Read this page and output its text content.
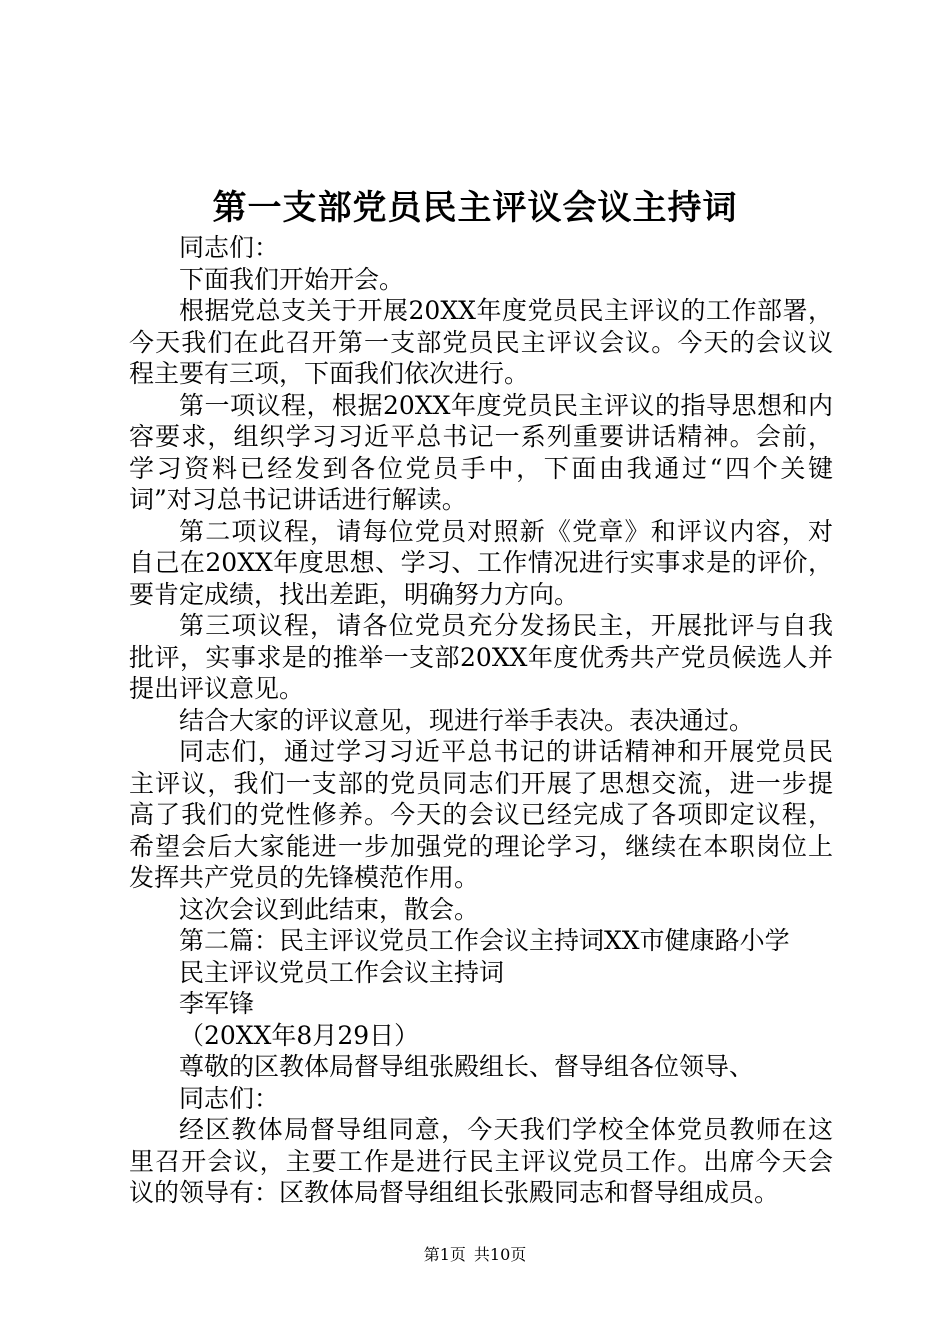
第一支部党员民主评议会议主持词
同志们：
下面我们开始开会。
根据党总支关于开展20XX年度党员民主评议的工作部署，
今天我们在此召开第一支部党员民主评议会议。今天的会议议
程主要有三项，下面我们依次进行。
第一项议程，根据20XX年度党员民主评议的指导思想和内
容要求，组织学习习近平总书记一系列重要讲话精神。会前，
学习资料已经发到各位党员手中，下面由我通过“四个关键
词”对习总书记讲话进行解读。
第二项议程，请每位党员对照新《党章》和评议内容，对
自己在20XX年度思想、学习、工作情况进行实事求是的评价，
要肯定成绩，找出差距，明确努力方向。
第三项议程，请各位党员充分发扬民主，开展批评与自我
批评，实事求是的推举一支部20XX年度优秀共产党员候选人并
提出评议意见。
结合大家的评议意见，现进行举手表决。表决通过。
同志们，通过学习习近平总书记的讲话精神和开展党员民
主评议，我们一支部的党员同志们开展了思想交流，进一步提
高了我们的党性修养。今天的会议已经完成了各项即定议程，
希望会后大家能进一步加强党的理论学习，继续在本职岗位上
发挥共产党员的先锋模范作用。
这次会议到此结束，散会。
第二篇：民主评议党员工作会议主持词XX市健康路小学
民主评议党员工作会议主持词
李军锋
（20XX年8月29日）
尊敬的区教体局督导组张殿组长、督导组各位领导、
同志们：
经区教体局督导组同意，今天我们学校全体党员教师在这
里召开会议，主要工作是进行民主评议党员工作。出席今天会
议的领导有：区教体局督导组组长张殿同志和督导组成员。
第1页 共10页
